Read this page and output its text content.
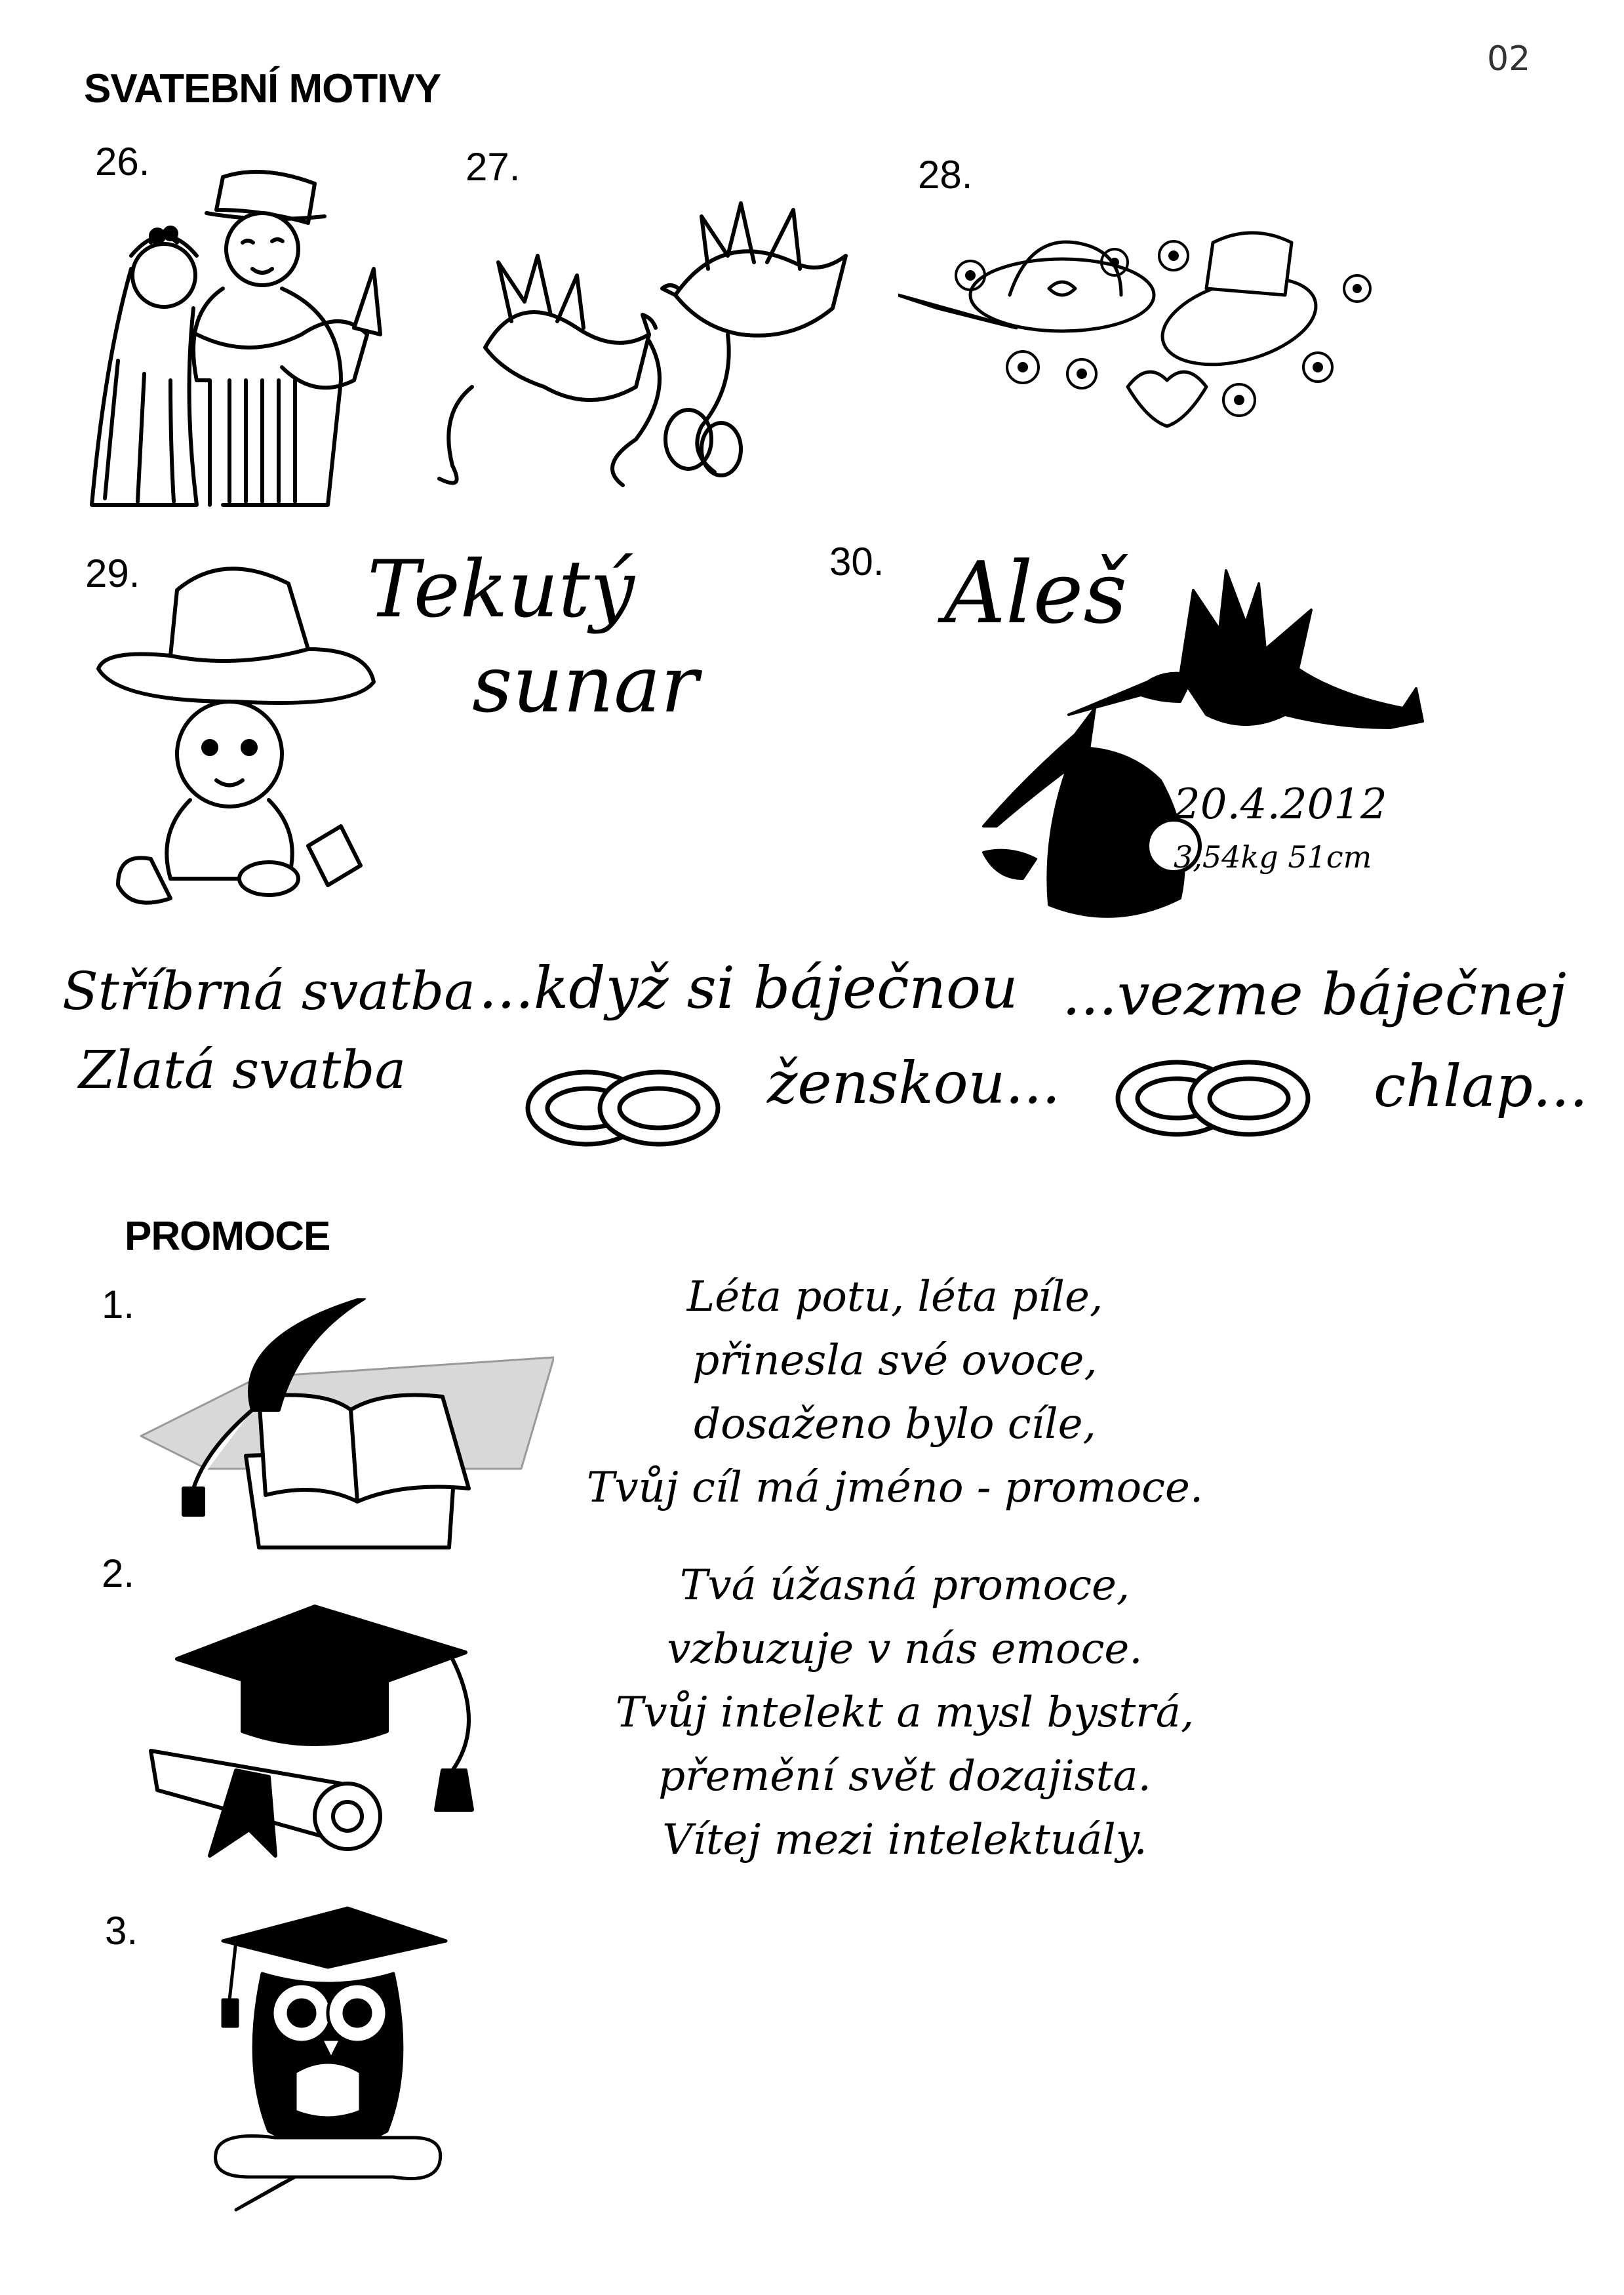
02
SVATEBNÍ MOTIVY
26.	27.	28.
29.	Tekutý
sunar
30. Aleš
20.4.2012
3,54kg 51cm
Stříbrná svatba
Zlatá svatba
...když si báječnou
ženskou...
...vezme báječnej
chlap...
PROMOCE
1.	Léta potu, léta píle,
přinesla své ovoce,
dosaženo bylo cíle,
Tvůj cíl má jméno - promoce.
2.	Tvá úžasná promoce,
vzbuzuje v nás emoce.
Tvůj intelekt a mysl bystrá,
přemění svět dozajista.
Vítej mezi intelektuály.
3.
